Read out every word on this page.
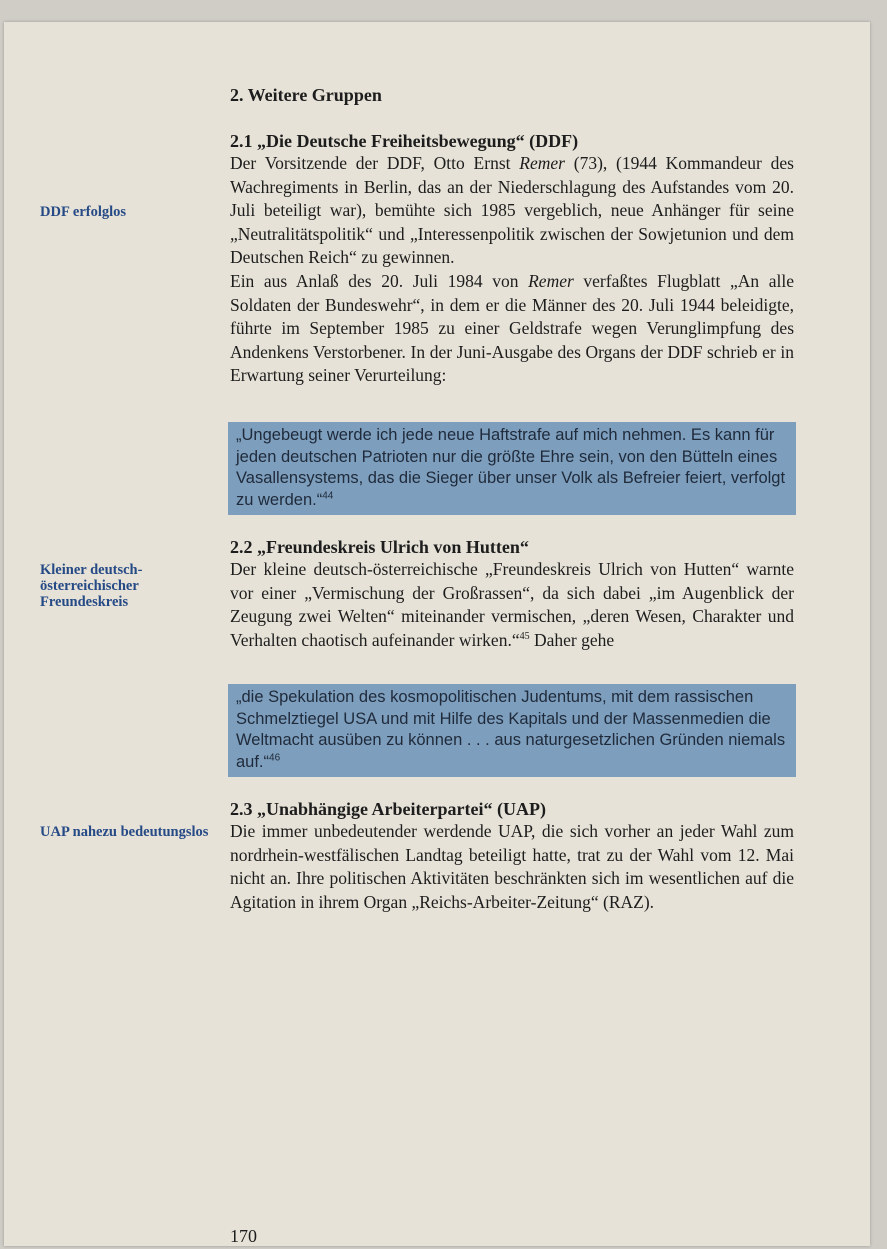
2. Weitere Gruppen

DDF erfolglos

2.1 „Die Deutsche Freiheitsbewegung“ (DDF)

Der Vorsitzende der DDF, Otto Ernst Remer (73), (1944 Kommandeur des Wachregiments in Berlin, das an der Niederschlagung des Aufstandes vom 20. Juli beteiligt war), bemühte sich 1985 vergeblich, neue Anhänger für seine „Neutralitätspolitik“ und „Interessenpolitik zwischen der Sowjetunion und dem Deutschen Reich“ zu gewinnen.

Ein aus Anlaß des 20. Juli 1984 von Remer verfaßtes Flugblatt „An alle Soldaten der Bundeswehr“, in dem er die Männer des 20. Juli 1944 beleidigte, führte im September 1985 zu einer Geldstrafe wegen Verunglimpfung des Andenkens Verstorbener. In der Juni-Ausgabe des Organs der DDF schrieb er in Erwartung seiner Verurteilung:

„Ungebeugt werde ich jede neue Haftstrafe auf mich nehmen. Es kann für jeden deutschen Patrioten nur die größte Ehre sein, von den Bütteln eines Vasallensystems, das die Sieger über unser Volk als Befreier feiert, verfolgt zu werden.“$^{44}$
Kleiner deutsch-österreichischer Freundeskreis

2.2 „Freundeskreis Ulrich von Hutten“

Der kleine deutsch-österreichische „Freundeskreis Ulrich von Hutten“ warnte vor einer „Vermischung der Großrassen“, da sich dabei „im Augenblick der Zeugung zwei Welten“ miteinander vermischen, „deren Wesen, Charakter und Verhalten chaotisch aufeinander wirken.“$^{45}$ Daher gehe

„die Spekulation des kosmopolitischen Judentums, mit dem rassischen Schmelztiegel USA und mit Hilfe des Kapitals und der Massenmedien die Weltmacht ausüben zu können . . . aus naturgesetzlichen Gründen niemals auf.“$^{46}$
UAP nahezu bedeutungslos

2.3 „Unabhängige Arbeiterpartei“ (UAP)

Die immer unbedeutender werdende UAP, die sich vorher an jeder Wahl zum nordrhein-westfälischen Landtag beteiligt hatte, trat zu der Wahl vom 12. Mai nicht an. Ihre politischen Aktivitäten beschränkten sich im wesentlichen auf die Agitation in ihrem Organ „Reichs-Arbeiter-Zeitung“ (RAZ).

170
